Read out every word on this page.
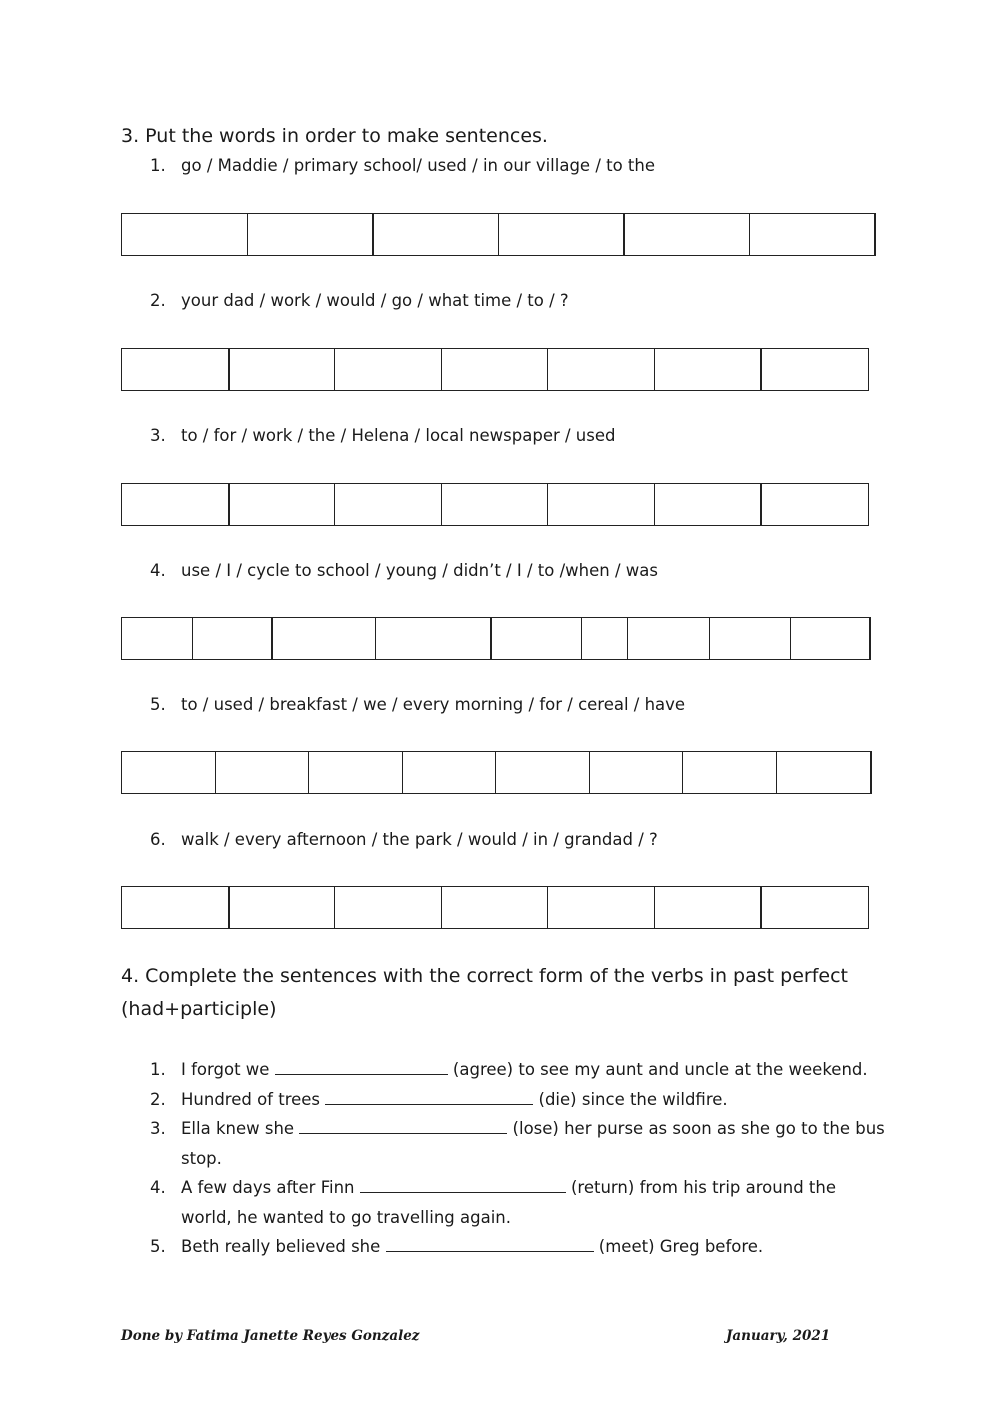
3. Put the words in order to make sentences.
1. go / Maddie / primary school/ used / in our village / to the
2. your dad / work / would / go / what time / to / ?
3. to / for / work / the / Helena / local newspaper / used
4. use / I / cycle to school / young / didn’t / I / to /when / was
5. to / used / breakfast / we / every morning / for / cereal / have
6. walk / every afternoon / the park / would / in / grandad / ?
4. Complete the sentences with the correct form of the verbs in past perfect (had+participle)
1. I forgot we	(agree) to see my aunt and uncle at the weekend.
2. Hundred of trees	(die) since the wildfire.
3. Ella knew she	(lose) her purse as soon as she go to the bus stop.
4. A few days after Finn	(return) from his trip around the world, he wanted to go travelling again.
5. Beth really believed she	(meet) Greg before.
Done by Fatima Janette Reyes Gonzalez	January, 2021
